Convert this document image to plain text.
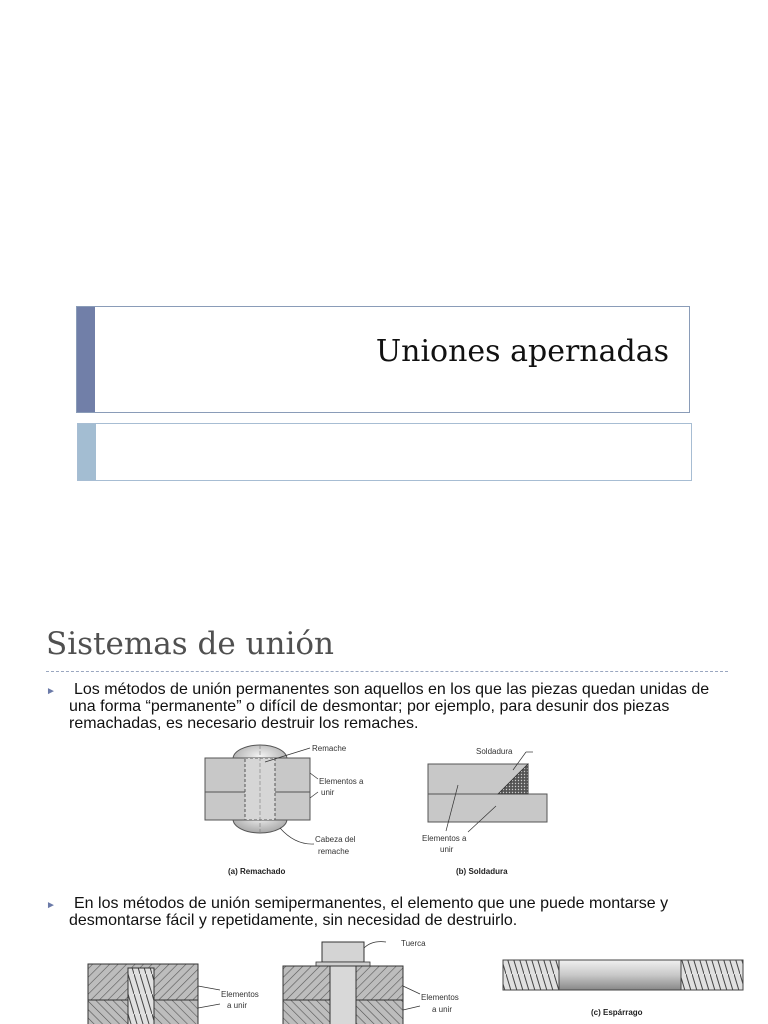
Uniones apernadas
Sistemas de unión
►	Los métodos de unión permanentes son aquellos en los que las piezas quedan unidas de una forma “permanente” o difícil de desmontar; por ejemplo, para desunir dos piezas remachadas, es necesario destruir los remaches.
Remache
Elementos a
unir
Cabeza del
remache
(a) Remachado
Soldadura
Elementos a
unir
(b) Soldadura
►	En los métodos de unión semipermanentes, el elemento que une puede montarse y desmontarse fácil y repetidamente, sin necesidad de destruirlo.
Elementos
a unir
Tuerca
Elementos
a unir	(c) Espárrago
